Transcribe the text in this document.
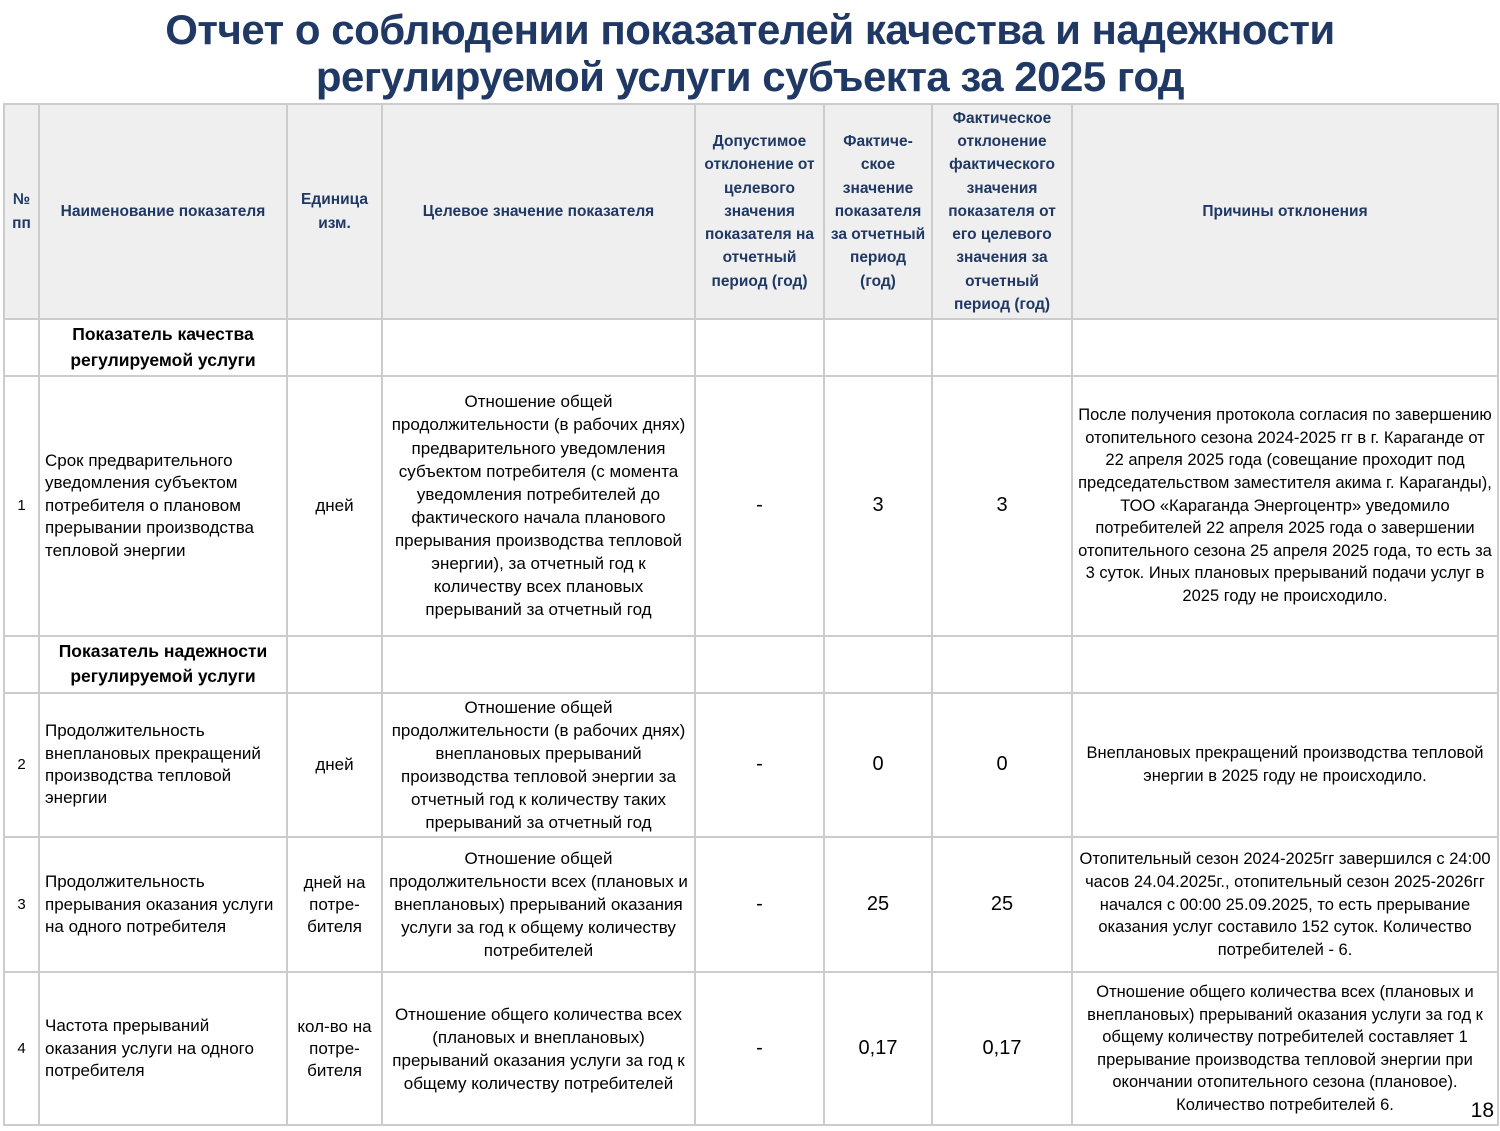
Отчет о соблюдении показателей качества и надежности
регулируемой услуги субъекта за 2025 год
№ пп	Наименование показателя	Единица изм.	Целевое значение показателя	Допустимое отклонение от целевого значения показателя на отчетный период (год)	Фактиче-ское значение показателя за отчетный период (год)	Фактическое отклонение фактического значения показателя от его целевого значения за отчетный период (год)	Причины отклонения
	Показатель качества регулируемой услуги						
1	Срок предварительного уведомления субъектом потребителя о плановом прерывании производства тепловой энергии	дней	Отношение общей продолжительности (в рабочих днях) предварительного уведомления субъектом потребителя (с момента уведомления потребителей до фактического начала планового прерывания производства тепловой энергии), за отчетный год к количеству всех плановых прерываний за отчетный год	-	3	3	После получения протокола согласия по завершению отопительного сезона 2024-2025 гг в г. Караганде от 22 апреля 2025 года (совещание проходит под председательством заместителя акима г. Караганды), ТОО «Караганда Энергоцентр» уведомило потребителей 22 апреля 2025 года о завершении отопительного сезона 25 апреля 2025 года, то есть за 3 суток. Иных плановых прерываний подачи услуг в 2025 году не происходило.
	Показатель надежности регулируемой услуги						
2	Продолжительность внеплановых прекращений производства тепловой энергии	дней	Отношение общей продолжительности (в рабочих днях) внеплановых прерываний производства тепловой энергии за отчетный год к количеству таких прерываний за отчетный год	-	0	0	Внеплановых прекращений производства тепловой энергии в 2025 году не происходило.
3	Продолжительность прерывания оказания услуги на одного потребителя	дней на потре-бителя	Отношение общей продолжительности всех (плановых и внеплановых) прерываний оказания услуги за год к общему количеству потребителей	-	25	25	Отопительный сезон 2024-2025гг завершился с 24:00 часов 24.04.2025г., отопительный сезон 2025-2026гг начался с 00:00 25.09.2025, то есть прерывание оказания услуг составило 152 суток. Количество потребителей - 6.
4	Частота прерываний оказания услуги на одного потребителя	кол-во на потре-бителя	Отношение общего количества всех (плановых и внеплановых) прерываний оказания услуги за год к общему количеству потребителей	-	0,17	0,17	Отношение общего количества всех (плановых и внеплановых) прерываний оказания услуги за год к общему количеству потребителей составляет 1 прерывание производства тепловой энергии при окончании отопительного сезона (плановое). Количество потребителей 6.	18
